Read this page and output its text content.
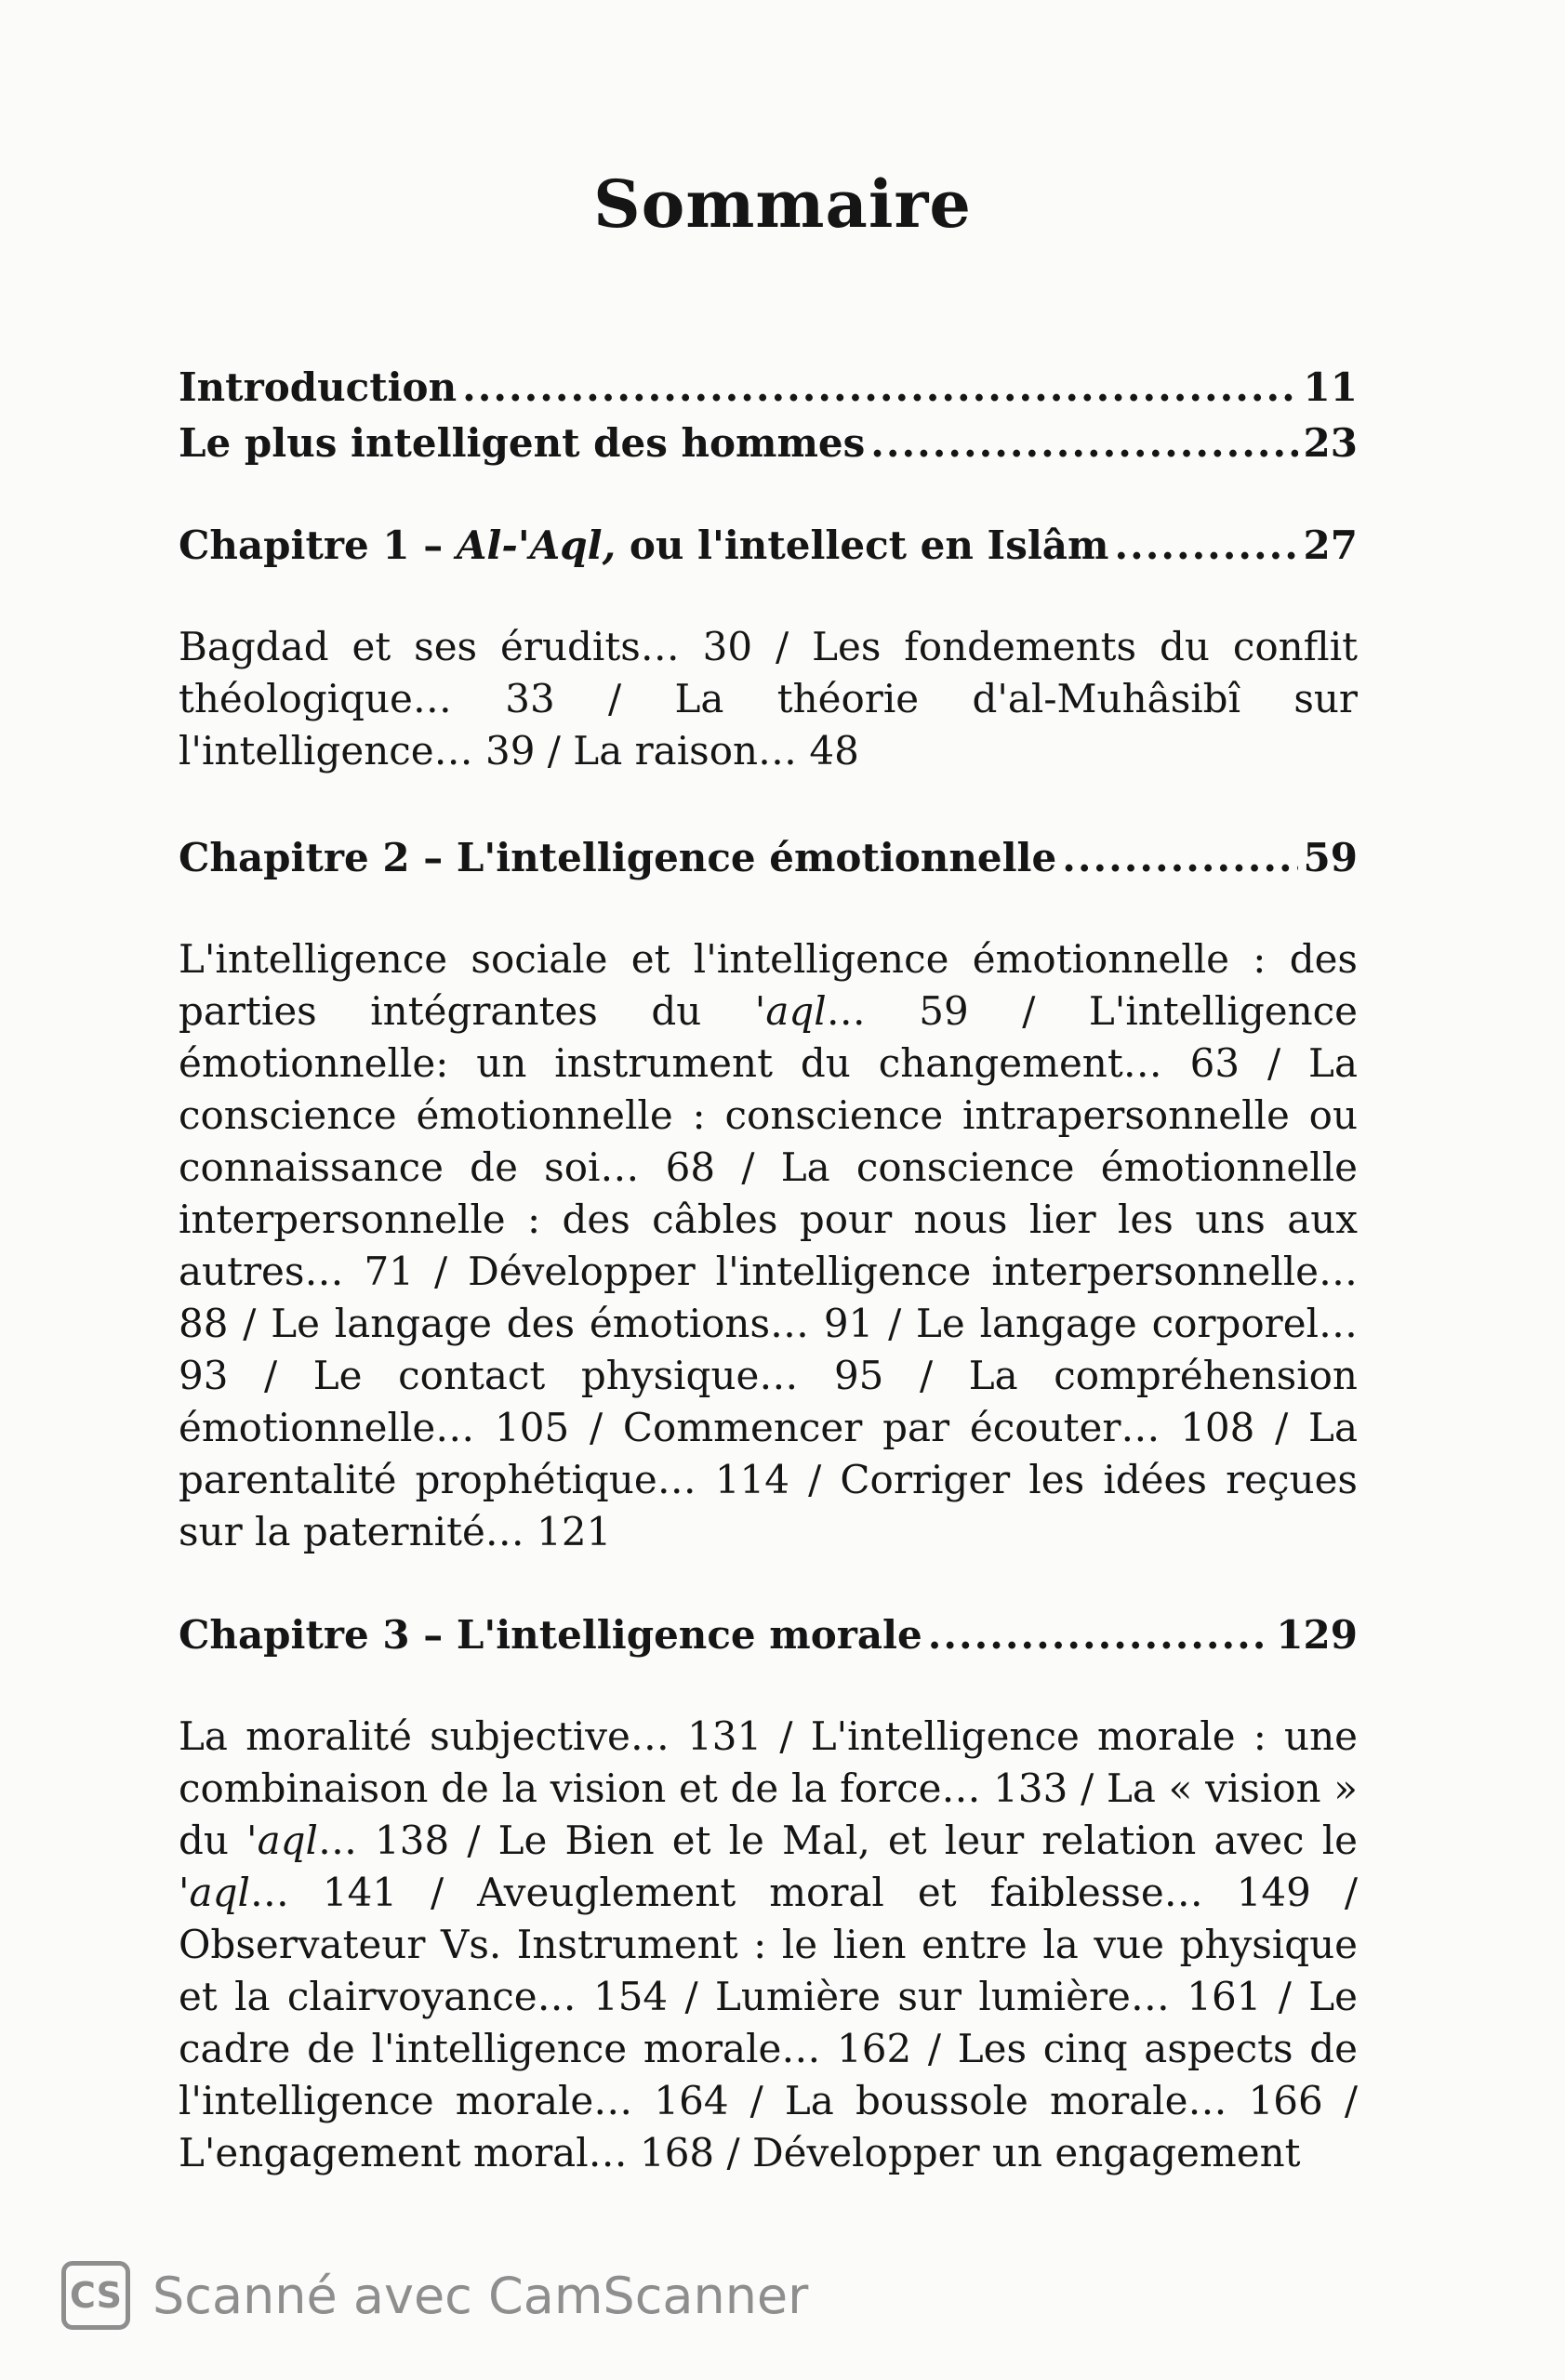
Sommaire
Introduction .....	11
Le plus intelligent des hommes .....	23
Chapitre 1 – Al-'Aql, ou l'intellect en Islâm .....	27
Bagdad et ses érudits… 30 / Les fondements du conflit théologique… 33 / La théorie d'al-Muhâsibî sur l'intelligence… 39 / La raison… 48
Chapitre 2 – L'intelligence émotionnelle .....	59
L'intelligence sociale et l'intelligence émotionnelle : des parties intégrantes du 'aql… 59 / L'intelligence émotionnelle: un instrument du changement… 63 / La conscience émotionnelle : conscience intrapersonnelle ou connaissance de soi… 68 / La conscience émotionnelle interpersonnelle : des câbles pour nous lier les uns aux autres… 71 / Développer l'intelligence interpersonnelle… 88 / Le langage des émotions… 91 / Le langage corporel… 93 / Le contact physique… 95 / La compréhension émotionnelle… 105 / Commencer par écouter… 108 / La parentalité prophétique… 114 / Corriger les idées reçues sur la paternité… 121
Chapitre 3 – L'intelligence morale .....	129
La moralité subjective… 131 / L'intelligence morale : une combinaison de la vision et de la force… 133 / La « vision » du 'aql… 138 / Le Bien et le Mal, et leur relation avec le 'aql… 141 / Aveuglement moral et faiblesse… 149 / Observateur Vs. Instrument : le lien entre la vue physique et la clairvoyance… 154 / Lumière sur lumière… 161 / Le cadre de l'intelligence morale… 162 / Les cinq aspects de l'intelligence morale… 164 / La boussole morale… 166 / L'engagement moral… 168 / Développer un engagement
CS Scanné avec CamScanner
